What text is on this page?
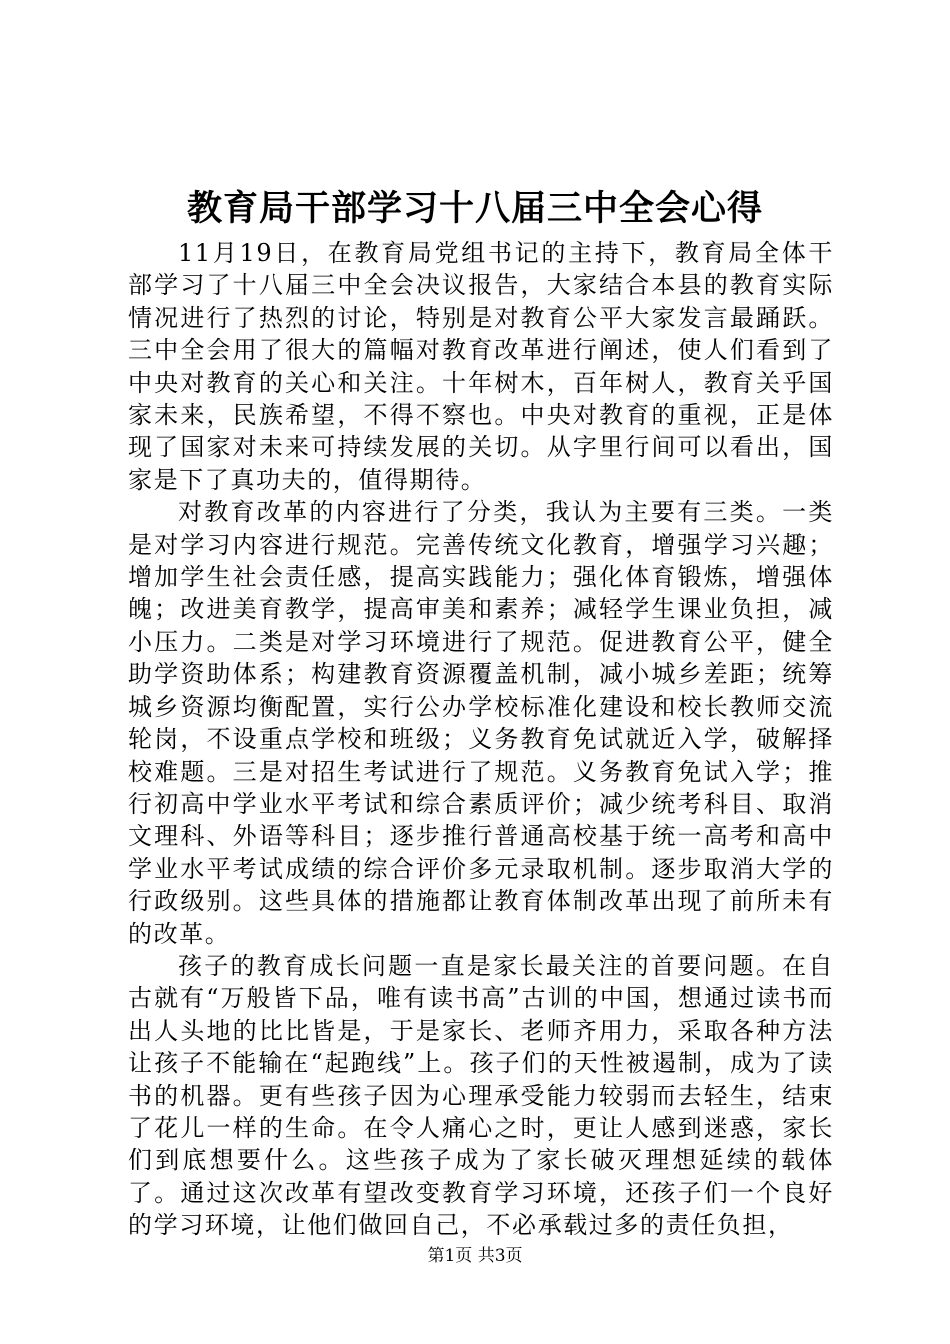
教育局干部学习十八届三中全会心得

11月19日，在教育局党组书记的主持下，教育局全体干部学习了十八届三中全会决议报告，大家结合本县的教育实际情况进行了热烈的讨论，特别是对教育公平大家发言最踊跃。三中全会用了很大的篇幅对教育改革进行阐述，使人们看到了中央对教育的关心和关注。十年树木，百年树人，教育关乎国家未来，民族希望，不得不察也。中央对教育的重视，正是体现了国家对未来可持续发展的关切。从字里行间可以看出，国家是下了真功夫的，值得期待。

对教育改革的内容进行了分类，我认为主要有三类。一类是对学习内容进行规范。完善传统文化教育，增强学习兴趣；增加学生社会责任感，提高实践能力；强化体育锻炼，增强体魄；改进美育教学，提高审美和素养；减轻学生课业负担，减小压力。二类是对学习环境进行了规范。促进教育公平，健全助学资助体系；构建教育资源覆盖机制，减小城乡差距；统筹城乡资源均衡配置，实行公办学校标准化建设和校长教师交流轮岗，不设重点学校和班级；义务教育免试就近入学，破解择校难题。三是对招生考试进行了规范。义务教育免试入学；推行初高中学业水平考试和综合素质评价；减少统考科目、取消文理科、外语等科目；逐步推行普通高校基于统一高考和高中学业水平考试成绩的综合评价多元录取机制。逐步取消大学的行政级别。这些具体的措施都让教育体制改革出现了前所未有的改革。

孩子的教育成长问题一直是家长最关注的首要问题。在自古就有“万般皆下品，唯有读书高”古训的中国，想通过读书而出人头地的比比皆是，于是家长、老师齐用力，采取各种方法让孩子不能输在“起跑线”上。孩子们的天性被遏制，成为了读书的机器。更有些孩子因为心理承受能力较弱而去轻生，结束了花儿一样的生命。在令人痛心之时，更让人感到迷惑，家长们到底想要什么。这些孩子成为了家长破灭理想延续的载体了。通过这次改革有望改变教育学习环境，还孩子们一个良好的学习环境，让他们做回自己，不必承载过多的责任负担，

第1页 共3页
